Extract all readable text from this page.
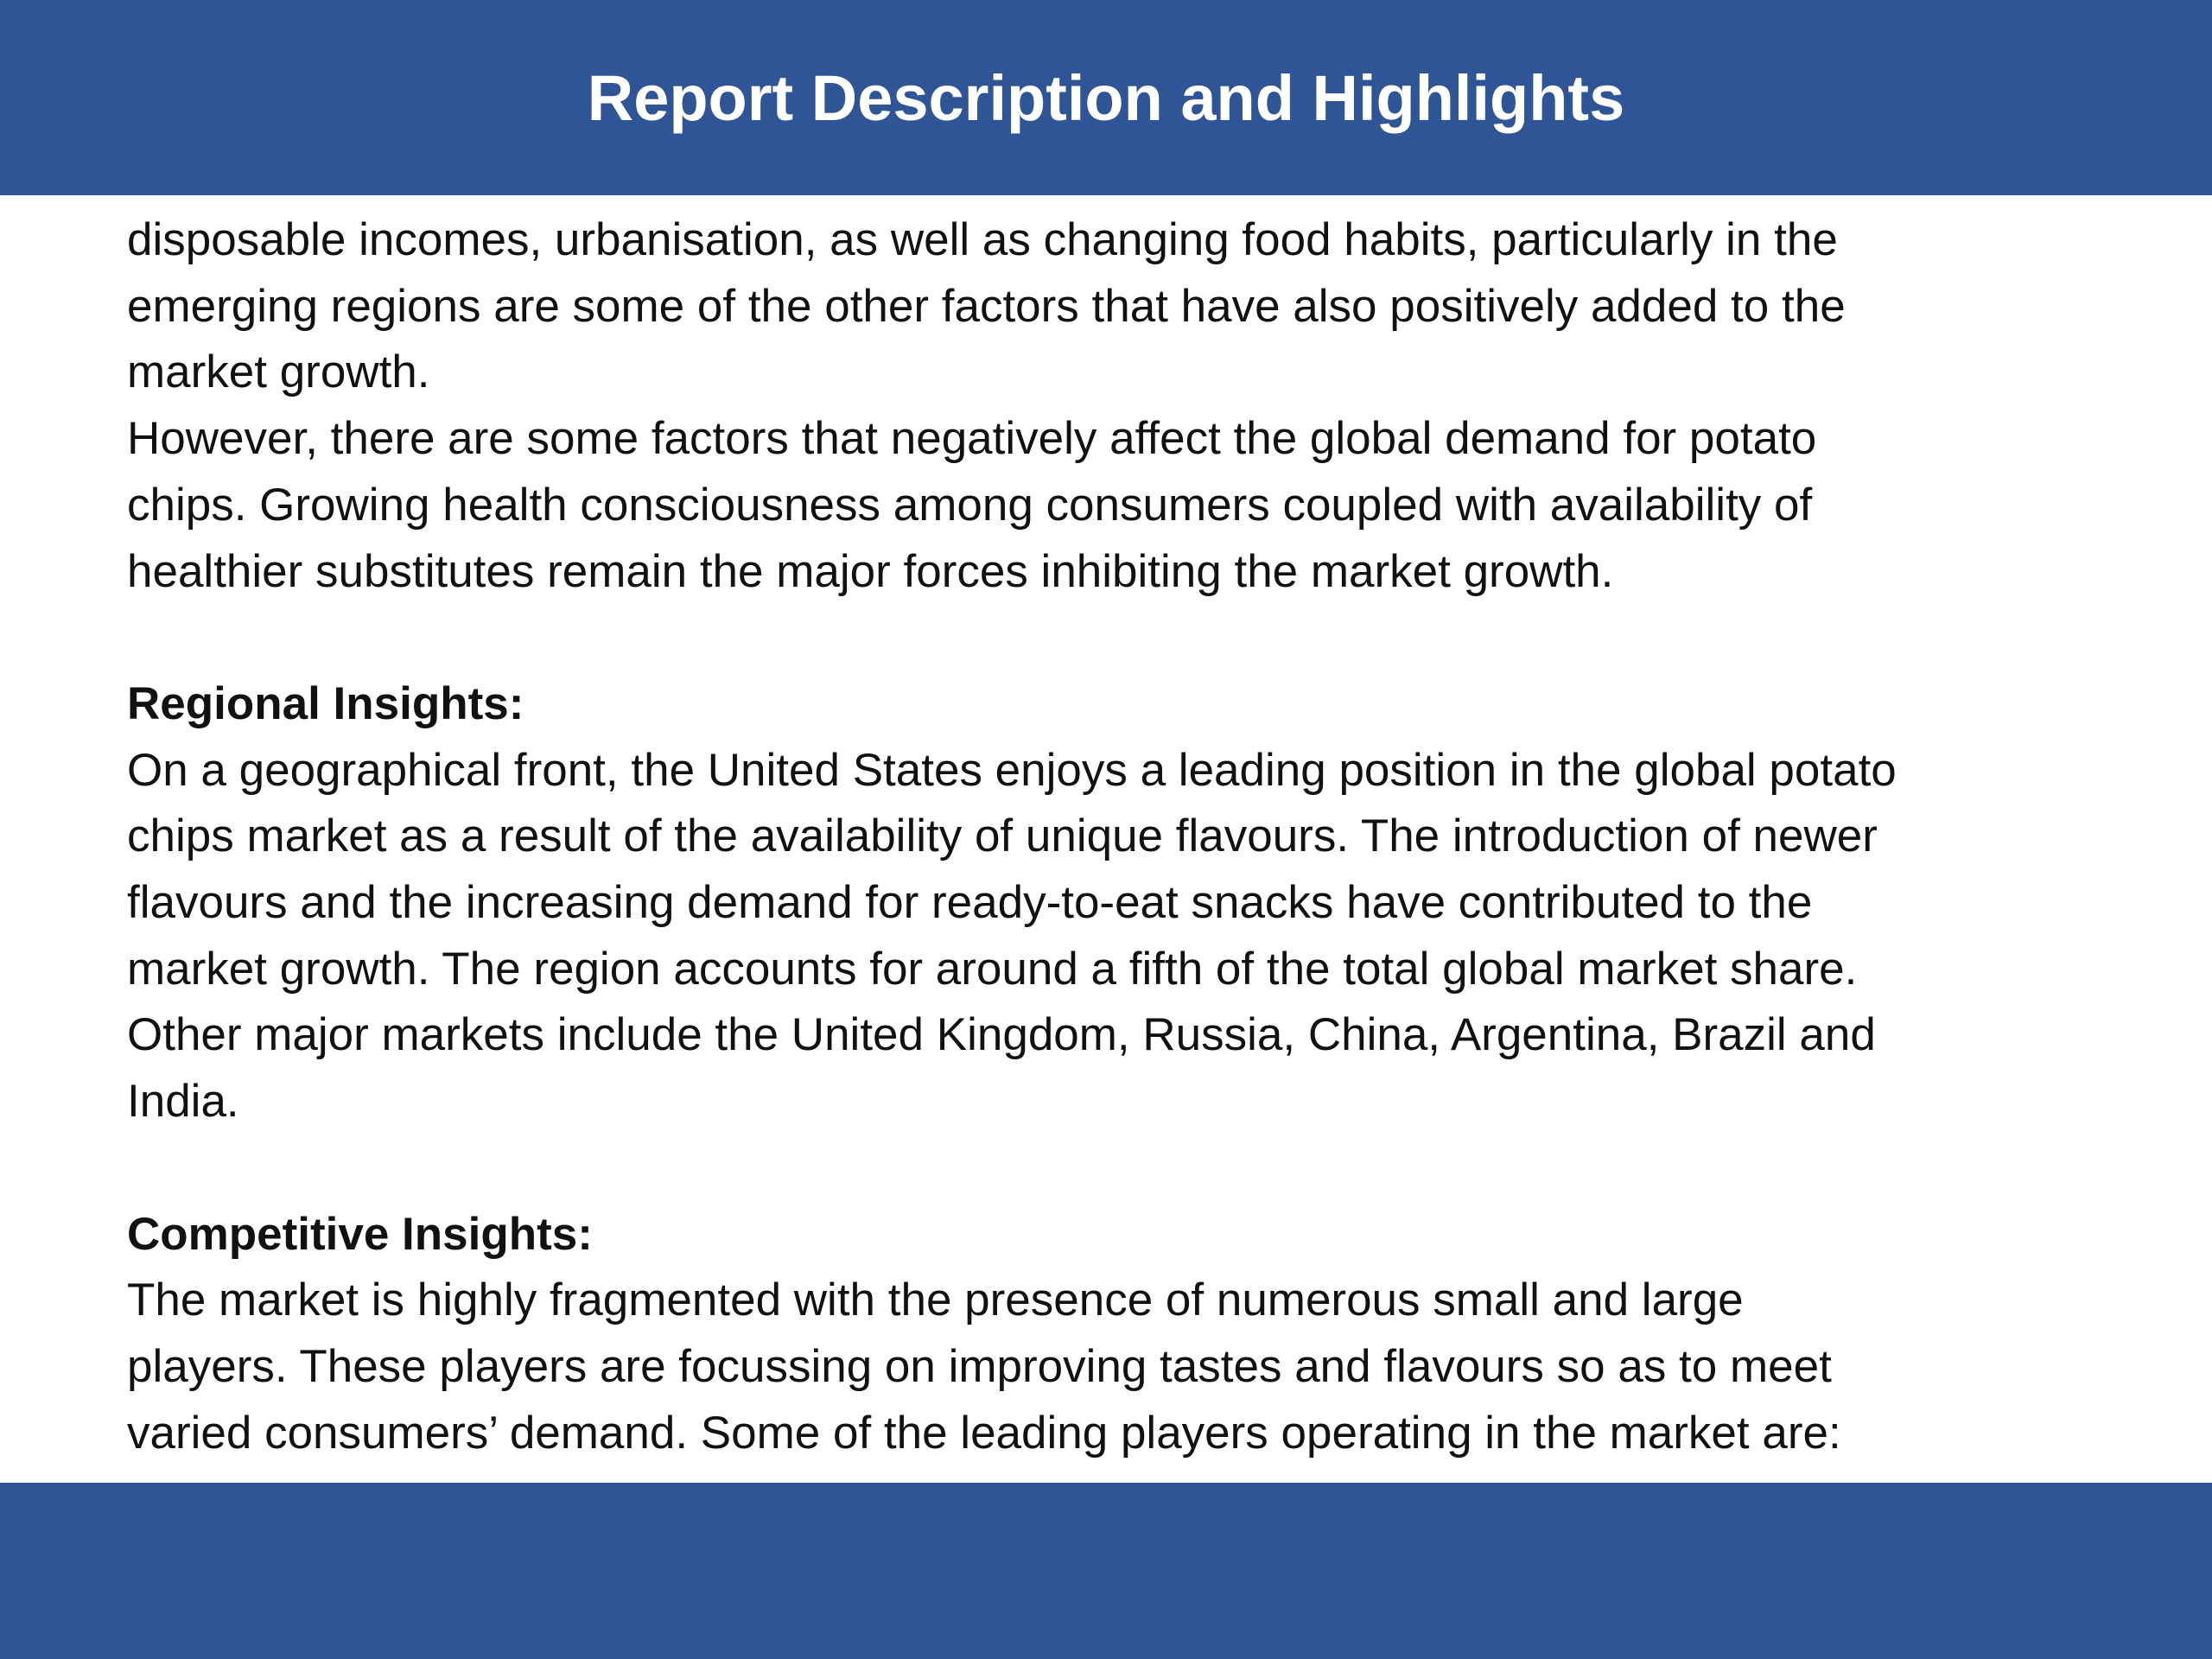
Report Description and Highlights
disposable incomes, urbanisation, as well as changing food habits, particularly in the
emerging regions are some of the other factors that have also positively added to the
market growth.
However, there are some factors that negatively affect the global demand for potato
chips. Growing health consciousness among consumers coupled with availability of
healthier substitutes remain the major forces inhibiting the market growth.
Regional Insights:
On a geographical front, the United States enjoys a leading position in the global potato
chips market as a result of the availability of unique flavours. The introduction of newer
flavours and the increasing demand for ready-to-eat snacks have contributed to the
market growth. The region accounts for around a fifth of the total global market share.
Other major markets include the United Kingdom, Russia, China, Argentina, Brazil and
India.
Competitive Insights:
The market is highly fragmented with the presence of numerous small and large
players. These players are focussing on improving tastes and flavours so as to meet
varied consumers’ demand. Some of the leading players operating in the market are:
